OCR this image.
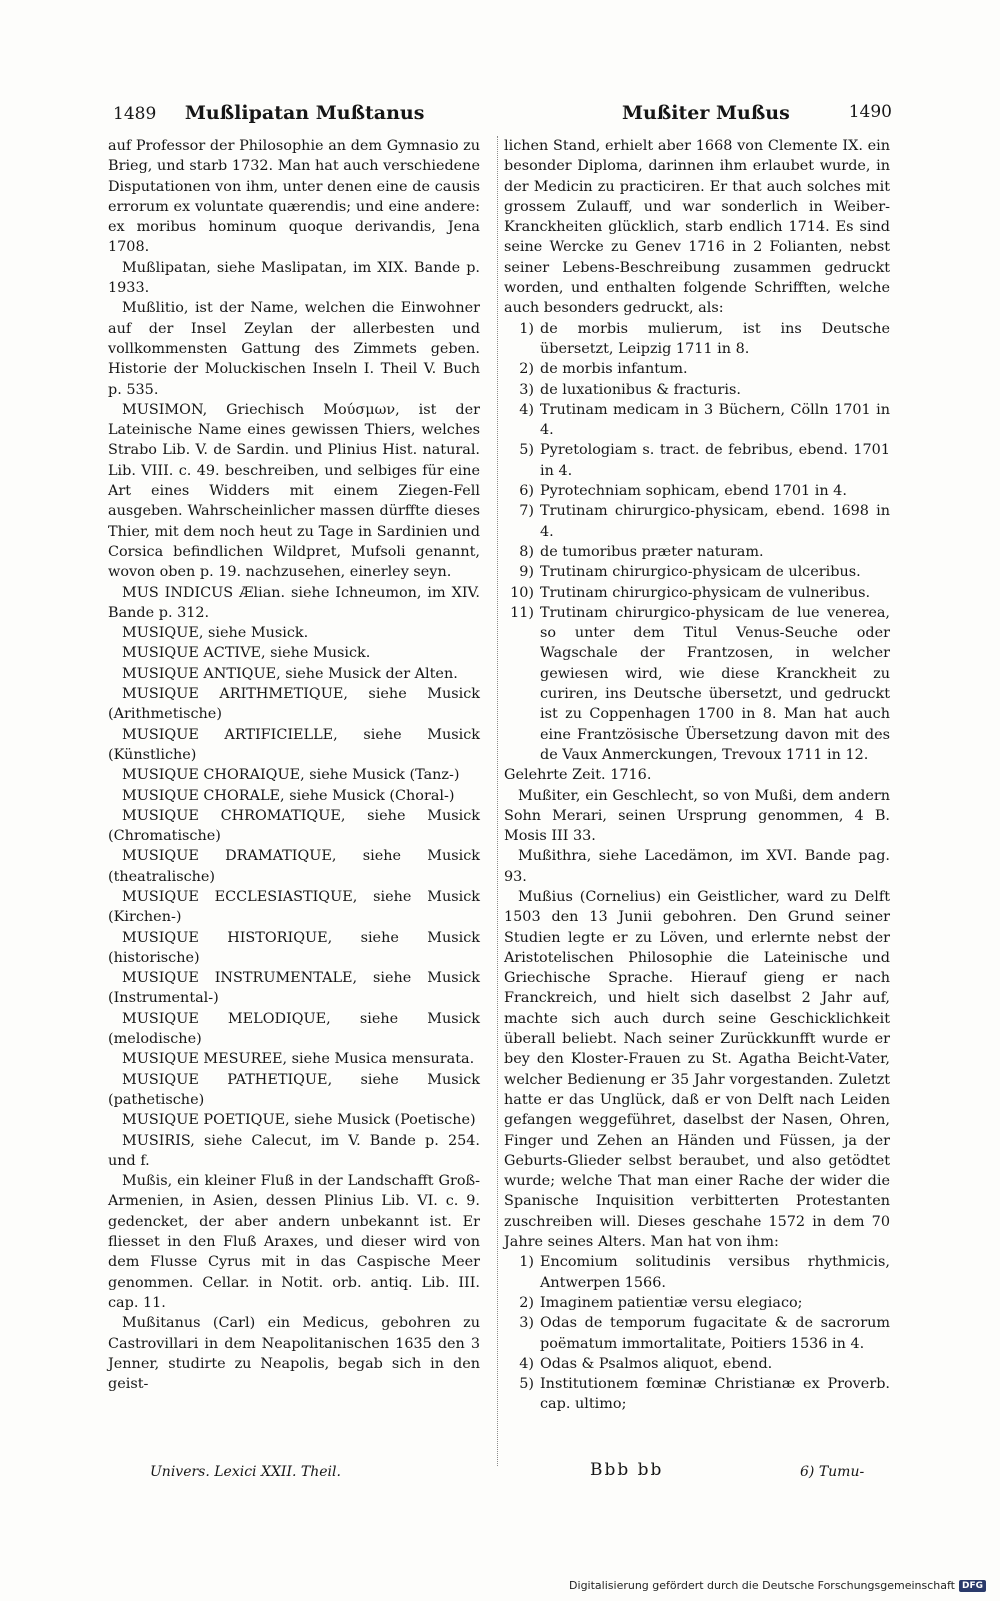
1489 Mußlipatan Mußtanus	Mußiter Mußus	1490

auf Professor der Philosophie an dem Gymnasio zu Brieg, und starb 1732. Man hat auch verschiedene Disputationen von ihm, unter denen eine de causis errorum ex voluntate quærendis; und eine andere: ex moribus hominum quoque derivandis, Jena 1708.

Mußlipatan, siehe Maslipatan, im XIX. Bande p. 1933.

Mußlitio, ist der Name, welchen die Einwohner auf der Insel Zeylan der allerbesten und vollkommensten Gattung des Zimmets geben. Historie der Moluckischen Inseln I. Theil V. Buch p. 535.

MUSIMON, Griechisch Μούσμων, ist der Lateinische Name eines gewissen Thiers, welches Strabo Lib. V. de Sardin. und Plinius Hist. natural. Lib. VIII. c. 49. beschreiben, und selbiges für eine Art eines Widders mit einem Ziegen-Fell ausgeben. Wahrscheinlicher massen dürffte dieses Thier, mit dem noch heut zu Tage in Sardinien und Corsica befindlichen Wildpret, Mufsoli genannt, wovon oben p. 19. nachzusehen, einerley seyn.

MUS INDICUS Ælian. siehe Ichneumon, im XIV. Bande p. 312.

MUSIQUE, siehe Musick.

MUSIQUE ACTIVE, siehe Musick.

MUSIQUE ANTIQUE, siehe Musick der Alten.

MUSIQUE ARITHMETIQUE, siehe Musick (Arithmetische)

MUSIQUE ARTIFICIELLE, siehe Musick (Künstliche)

MUSIQUE CHORAIQUE, siehe Musick (Tanz-)

MUSIQUE CHORALE, siehe Musick (Choral-)

MUSIQUE CHROMATIQUE, siehe Musick (Chromatische)

MUSIQUE DRAMATIQUE, siehe Musick (theatralische)

MUSIQUE ECCLESIASTIQUE, siehe Musick (Kirchen-)

MUSIQUE HISTORIQUE, siehe Musick (historische)

MUSIQUE INSTRUMENTALE, siehe Musick (Instrumental-)

MUSIQUE MELODIQUE, siehe Musick (melodische)

MUSIQUE MESUREE, siehe Musica mensurata.

MUSIQUE PATHETIQUE, siehe Musick (pathetische)

MUSIQUE POETIQUE, siehe Musick (Poetische)

MUSIRIS, siehe Calecut, im V. Bande p. 254. und f.

Mußis, ein kleiner Fluß in der Landschafft Groß-Armenien, in Asien, dessen Plinius Lib. VI. c. 9. gedencket, der aber andern unbekannt ist. Er fliesset in den Fluß Araxes, und dieser wird von dem Flusse Cyrus mit in das Caspische Meer genommen. Cellar. in Notit. orb. antiq. Lib. III. cap. 11.

Mußitanus (Carl) ein Medicus, gebohren zu Castrovillari in dem Neapolitanischen 1635 den 3 Jenner, studirte zu Neapolis, begab sich in den geist-

lichen Stand, erhielt aber 1668 von Clemente IX. ein besonder Diploma, darinnen ihm erlaubet wurde, in der Medicin zu practiciren. Er that auch solches mit grossem Zulauff, und war sonderlich in Weiber-Kranckheiten glücklich, starb endlich 1714. Es sind seine Wercke zu Genev 1716 in 2 Folianten, nebst seiner Lebens-Beschreibung zusammen gedruckt worden, und enthalten folgende Schrifften, welche auch besonders gedruckt, als:

1) de morbis mulierum, ist ins Deutsche übersetzt, Leipzig 1711 in 8.
2) de morbis infantum.
3) de luxationibus & fracturis.
4) Trutinam medicam in 3 Büchern, Cölln 1701 in 4.
5) Pyretologiam s. tract. de febribus, ebend. 1701 in 4.
6) Pyrotechniam sophicam, ebend 1701 in 4.
7) Trutinam chirurgico-physicam, ebend. 1698 in 4.
8) de tumoribus præter naturam.
9) Trutinam chirurgico-physicam de ulceribus.
10) Trutinam chirurgico-physicam de vulneribus.
11) Trutinam chirurgico-physicam de lue venerea, so unter dem Titul Venus-Seuche oder Wagschale der Frantzosen, in welcher gewiesen wird, wie diese Kranckheit zu curiren, ins Deutsche übersetzt, und gedruckt ist zu Coppenhagen 1700 in 8. Man hat auch eine Frantzösische Übersetzung davon mit des de Vaux Anmerckungen, Trevoux 1711 in 12.

Gelehrte Zeit. 1716.

Mußiter, ein Geschlecht, so von Mußi, dem andern Sohn Merari, seinen Ursprung genommen, 4 B. Mosis III 33.

Mußithra, siehe Lacedämon, im XVI. Bande pag. 93.

Mußius (Cornelius) ein Geistlicher, ward zu Delft 1503 den 13 Junii gebohren. Den Grund seiner Studien legte er zu Löven, und erlernte nebst der Aristotelischen Philosophie die Lateinische und Griechische Sprache. Hierauf gieng er nach Franckreich, und hielt sich daselbst 2 Jahr auf, machte sich auch durch seine Geschicklichkeit überall beliebt. Nach seiner Zurückkunfft wurde er bey den Kloster-Frauen zu St. Agatha Beicht-Vater, welcher Bedienung er 35 Jahr vorgestanden. Zuletzt hatte er das Unglück, daß er von Delft nach Leiden gefangen weggeführet, daselbst der Nasen, Ohren, Finger und Zehen an Händen und Füssen, ja der Geburts-Glieder selbst beraubet, und also getödtet wurde; welche That man einer Rache der wider die Spanische Inquisition verbitterten Protestanten zuschreiben will. Dieses geschahe 1572 in dem 70 Jahre seines Alters. Man hat von ihm:

1) Encomium solitudinis versibus rhythmicis, Antwerpen 1566.
2) Imaginem patientiæ versu elegiaco;
3) Odas de temporum fugacitate & de sacrorum poëmatum immortalitate, Poitiers 1536 in 4.
4) Odas & Psalmos aliquot, ebend.
5) Institutionem fœminæ Christianæ ex Proverb. cap. ultimo;
Univers. Lexici XXII. Theil.	Bbb bb	6) Tumu-
Digitalisierung gefördert durch die Deutsche Forschungsgemeinschaft DFG
